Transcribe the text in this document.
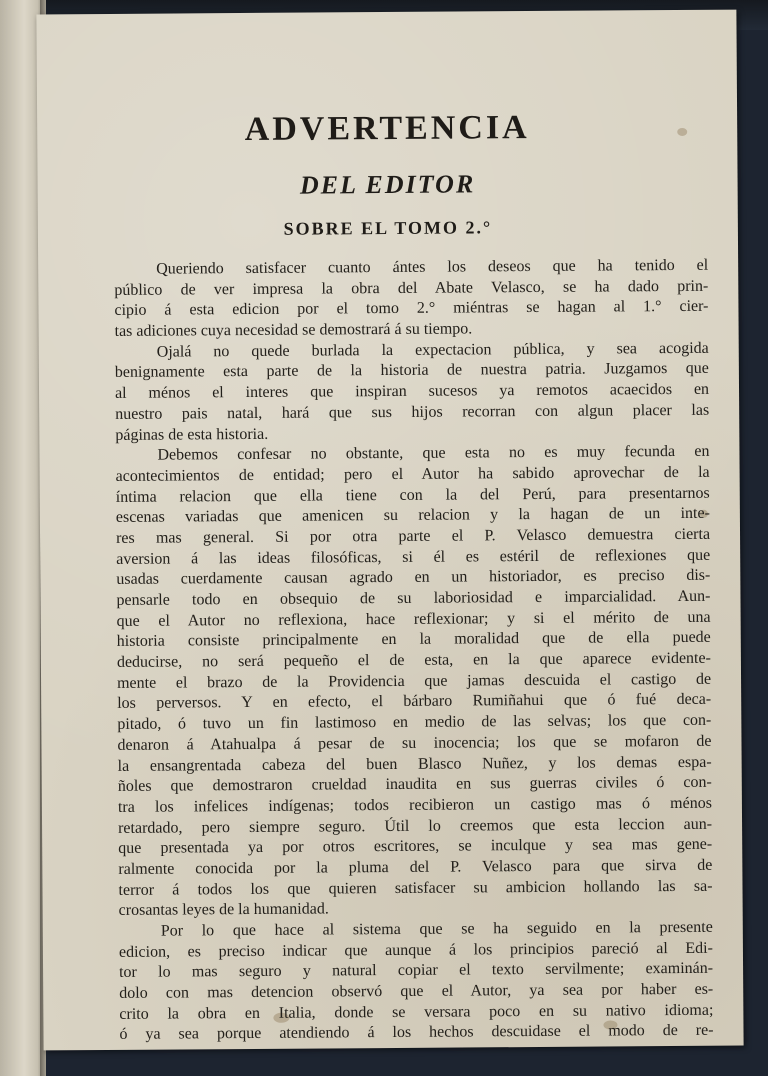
ADVERTENCIA
DEL EDITOR
SOBRE EL TOMO 2.°
Queriendo satisfacer cuanto ántes los deseos que ha tenido el
público de ver impresa la obra del Abate Velasco, se ha dado prin-
cipio á esta edicion por el tomo 2.° miéntras se hagan al 1.° cier-
tas adiciones cuya necesidad se demostrará á su tiempo.
Ojalá no quede burlada la expectacion pública, y sea acogida
benignamente esta parte de la historia de nuestra patria. Juzgamos que
al ménos el interes que inspiran sucesos ya remotos acaecidos en
nuestro pais natal, hará que sus hijos recorran con algun placer las
páginas de esta historia.
Debemos confesar no obstante, que esta no es muy fecunda en
acontecimientos de entidad; pero el Autor ha sabido aprovechar de la
íntima relacion que ella tiene con la del Perú, para presentarnos
escenas variadas que amenicen su relacion y la hagan de un inte-
res mas general. Si por otra parte el P. Velasco demuestra cierta
aversion á las ideas filosóficas, si él es estéril de reflexiones que
usadas cuerdamente causan agrado en un historiador, es preciso dis-
pensarle todo en obsequio de su laboriosidad e imparcialidad. Aun-
que el Autor no reflexiona, hace reflexionar; y si el mérito de una
historia consiste principalmente en la moralidad que de ella puede
deducirse, no será pequeño el de esta, en la que aparece evidente-
mente el brazo de la Providencia que jamas descuida el castigo de
los perversos. Y en efecto, el bárbaro Rumiñahui que ó fué deca-
pitado, ó tuvo un fin lastimoso en medio de las selvas; los que con-
denaron á Atahualpa á pesar de su inocencia; los que se mofaron de
la ensangrentada cabeza del buen Blasco Nuñez, y los demas espa-
ñoles que demostraron crueldad inaudita en sus guerras civiles ó con-
tra los infelices indígenas; todos recibieron un castigo mas ó ménos
retardado, pero siempre seguro. Útil lo creemos que esta leccion aun-
que presentada ya por otros escritores, se inculque y sea mas gene-
ralmente conocida por la pluma del P. Velasco para que sirva de
terror á todos los que quieren satisfacer su ambicion hollando las sa-
crosantas leyes de la humanidad.
Por lo que hace al sistema que se ha seguido en la presente
edicion, es preciso indicar que aunque á los principios pareció al Edi-
tor lo mas seguro y natural copiar el texto servilmente; examinán-
dolo con mas detencion observó que el Autor, ya sea por haber es-
crito la obra en Italia, donde se versara poco en su nativo idioma;
ó ya sea porque atendiendo á los hechos descuidase el modo de re-
